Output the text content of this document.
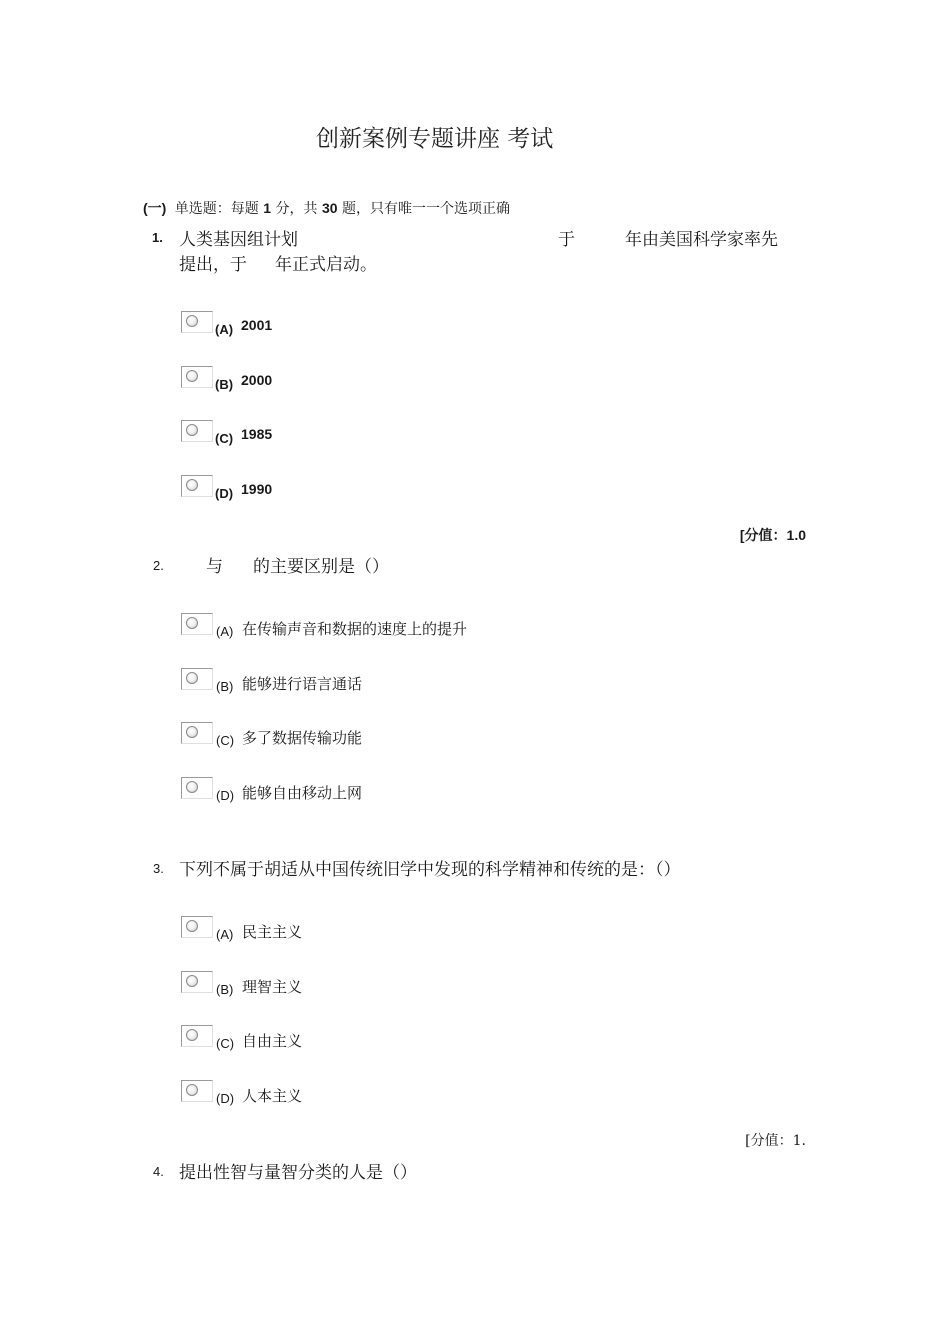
创新案例专题讲座 考试
(一) 单选题：每题 1 分，共 30 题，只有唯一一个选项正确
1. 人类基因组计划	于	年由美国科学家率先
提出，于 年正式启动。
(A) 2001
(B) 2000
(C) 1985
(D) 1990
[分值：1.0
2. 与 的主要区别是（）
(A) 在传输声音和数据的速度上的提升
(B) 能够进行语言通话
(C) 多了数据传输功能
(D) 能够自由移动上网
3. 下列不属于胡适从中国传统旧学中发现的科学精神和传统的是：（）
(A) 民主主义
(B) 理智主义
(C) 自由主义
(D) 人本主义
[分值：1.
4. 提出性智与量智分类的人是（）
